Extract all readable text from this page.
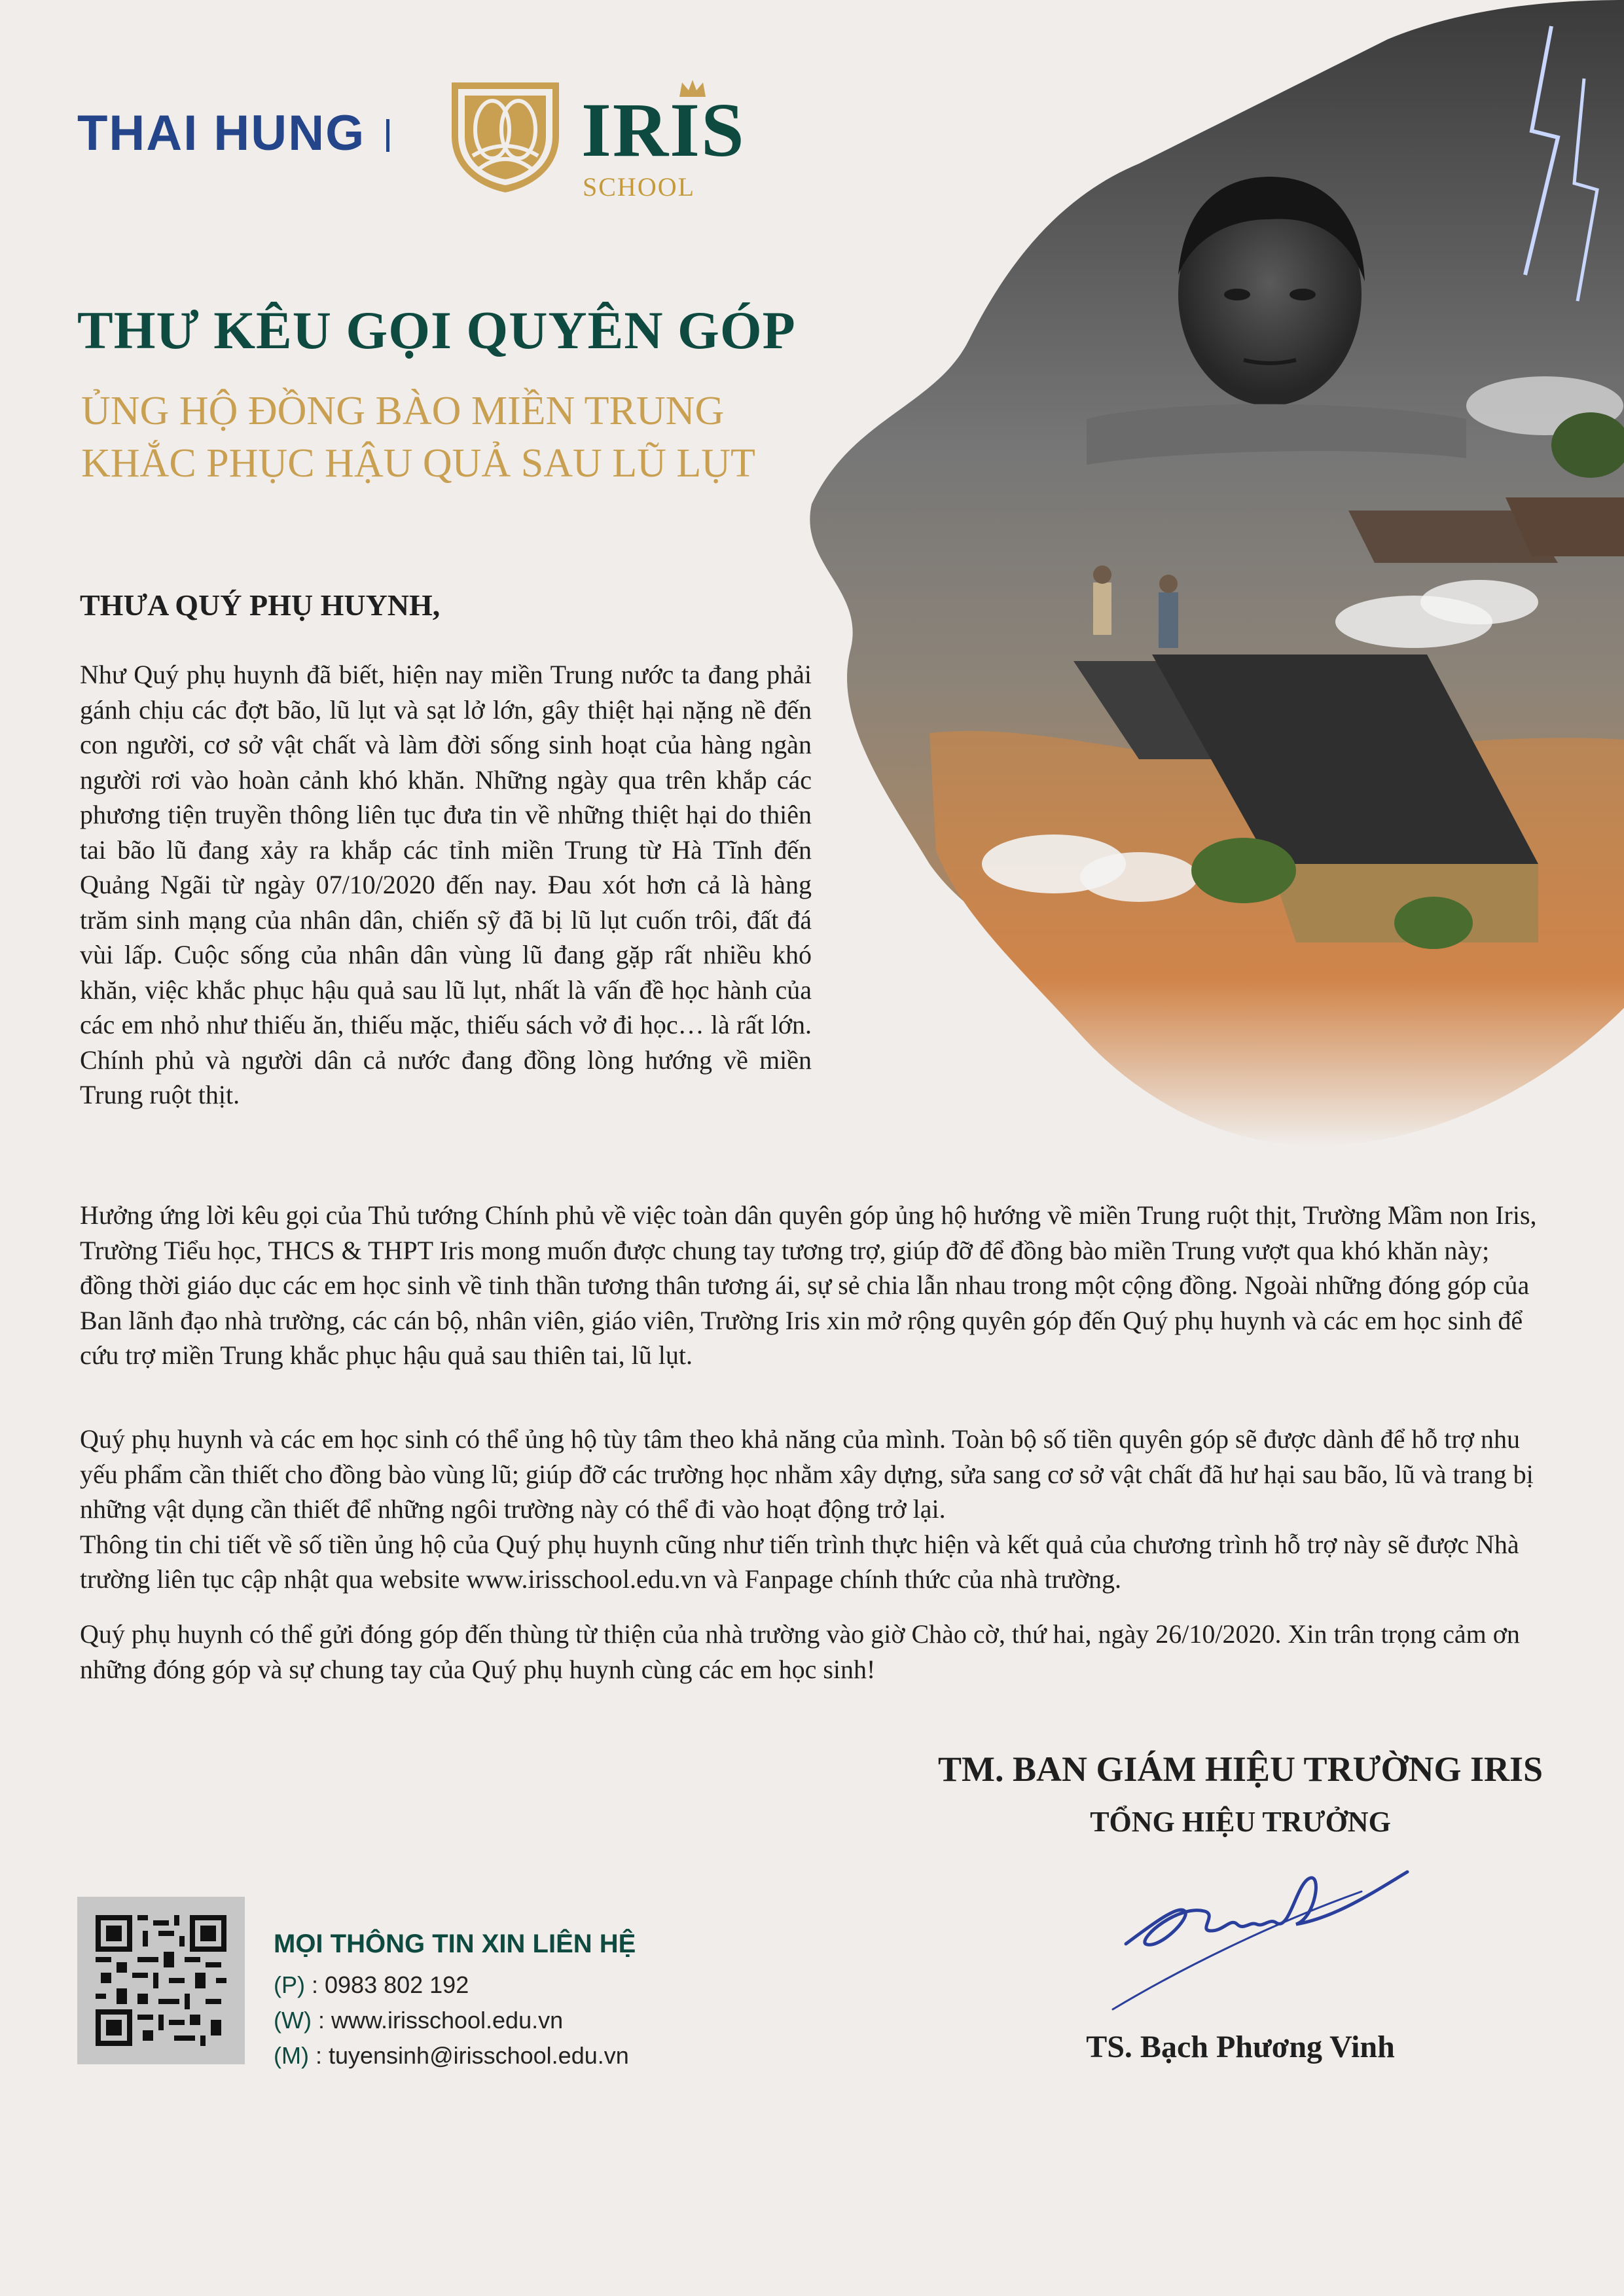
THAI HUNG	IRIS
SCHOOL
THƯ KÊU GỌI QUYÊN GÓP
ỦNG HỘ ĐỒNG BÀO MIỀN TRUNG
KHẮC PHỤC HẬU QUẢ SAU LŨ LỤT
THƯA QUÝ PHỤ HUYNH,
Như Quý phụ huynh đã biết, hiện nay miền Trung nước ta đang phải gánh chịu các đợt bão, lũ lụt và sạt lở lớn, gây thiệt hại nặng nề đến con người, cơ sở vật chất và làm đời sống sinh hoạt của hàng ngàn người rơi vào hoàn cảnh khó khăn. Những ngày qua trên khắp các phương tiện truyền thông liên tục đưa tin về những thiệt hại do thiên tai bão lũ đang xảy ra khắp các tỉnh miền Trung từ Hà Tĩnh đến Quảng Ngãi từ ngày 07/10/2020 đến nay. Đau xót hơn cả là hàng trăm sinh mạng của nhân dân, chiến sỹ đã bị lũ lụt cuốn trôi, đất đá vùi lấp. Cuộc sống của nhân dân vùng lũ đang gặp rất nhiều khó khăn, việc khắc phục hậu quả sau lũ lụt, nhất là vấn đề học hành của các em nhỏ như thiếu ăn, thiếu mặc, thiếu sách vở đi học… là rất lớn. Chính phủ và người dân cả nước đang đồng lòng hướng về miền Trung ruột thịt.

Hưởng ứng lời kêu gọi của Thủ tướng Chính phủ về việc toàn dân quyên góp ủng hộ hướng về miền Trung ruột thịt, Trường Mầm non Iris, Trường Tiểu học, THCS & THPT Iris mong muốn được chung tay tương trợ, giúp đỡ để đồng bào miền Trung vượt qua khó khăn này; đồng thời giáo dục các em học sinh về tinh thần tương thân tương ái, sự sẻ chia lẫn nhau trong một cộng đồng. Ngoài những đóng góp của Ban lãnh đạo nhà trường, các cán bộ, nhân viên, giáo viên, Trường Iris xin mở rộng quyên góp đến Quý phụ huynh và các em học sinh để cứu trợ miền Trung khắc phục hậu quả sau thiên tai, lũ lụt.

Quý phụ huynh và các em học sinh có thể ủng hộ tùy tâm theo khả năng của mình. Toàn bộ số tiền quyên góp sẽ được dành để hỗ trợ nhu yếu phẩm cần thiết cho đồng bào vùng lũ; giúp đỡ các trường học nhằm xây dựng, sửa sang cơ sở vật chất đã hư hại sau bão, lũ và trang bị những vật dụng cần thiết để những ngôi trường này có thể đi vào hoạt động trở lại.

Thông tin chi tiết về số tiền ủng hộ của Quý phụ huynh cũng như tiến trình thực hiện và kết quả của chương trình hỗ trợ này sẽ được Nhà trường liên tục cập nhật qua website www.irisschool.edu.vn và Fanpage chính thức của nhà trường.

Quý phụ huynh có thể gửi đóng góp đến thùng từ thiện của nhà trường vào giờ Chào cờ, thứ hai, ngày 26/10/2020. Xin trân trọng cảm ơn những đóng góp và sự chung tay của Quý phụ huynh cùng các em học sinh!

TM. BAN GIÁM HIỆU TRƯỜNG IRIS
TỔNG HIỆU TRƯỞNG
TS. Bạch Phương Vinh
MỌI THÔNG TIN XIN LIÊN HỆ
(P) : 0983 802 192
(W) : www.irisschool.edu.vn
(M) : tuyensinh@irisschool.edu.vn
